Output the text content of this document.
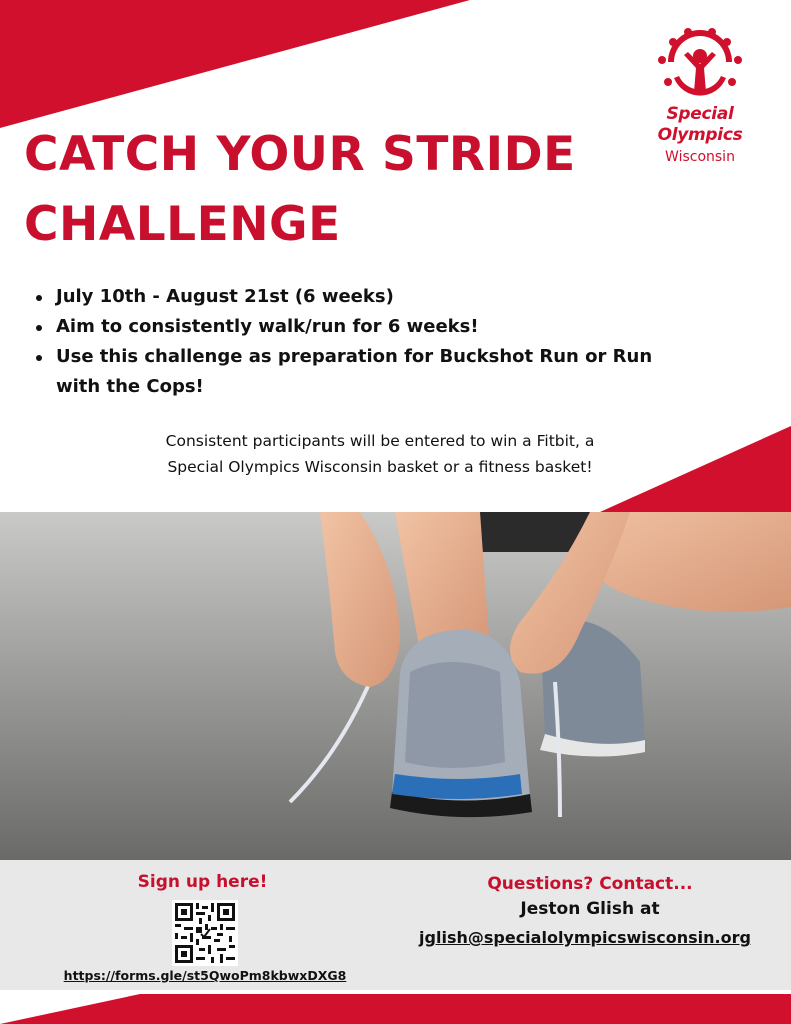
Special
Olympics
Wisconsin
CATCH YOUR STRIDE
CHALLENGE
July 10th - August 21st (6 weeks)
Aim to consistently walk/run for 6 weeks!
Use this challenge as preparation for Buckshot Run or Run with the Cops!
Consistent participants will be entered to win a Fitbit, a
Special Olympics Wisconsin basket or a fitness basket!
Sign up here!
https://forms.gle/st5QwoPm8kbwxDXG8
Questions? Contact...
Jeston Glish at
jglish@specialolympicswisconsin.org
